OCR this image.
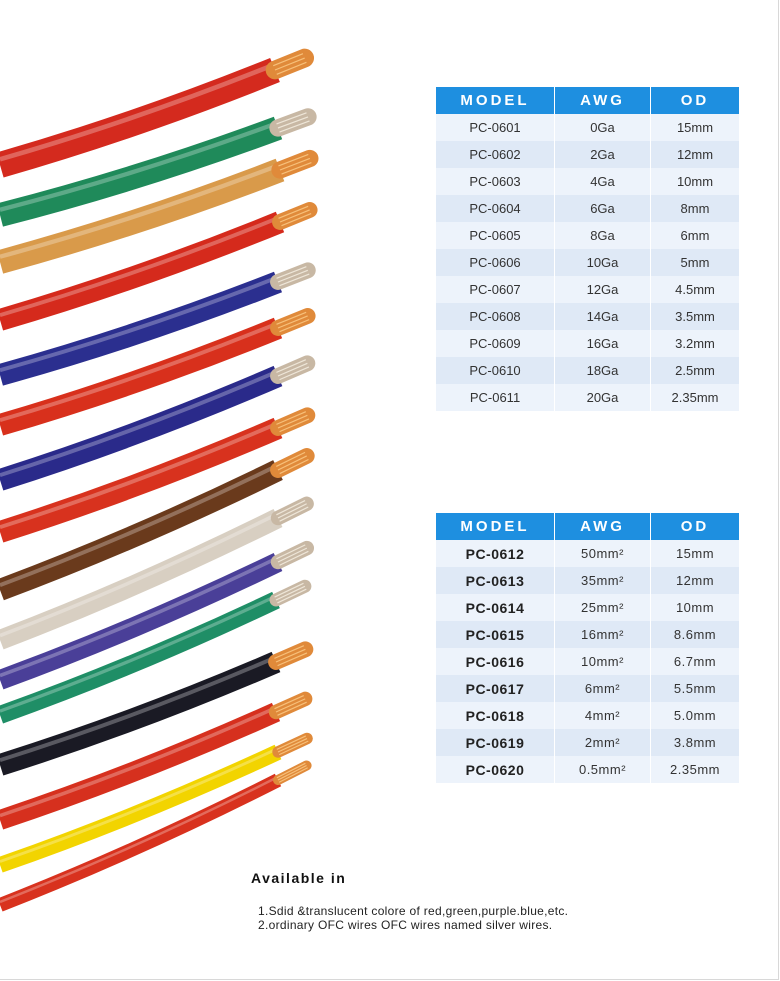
MODEL	AWG	OD
PC-0601	0Ga	15mm
PC-0602	2Ga	12mm
PC-0603	4Ga	10mm
PC-0604	6Ga	8mm
PC-0605	8Ga	6mm
PC-0606	10Ga	5mm
PC-0607	12Ga	4.5mm
PC-0608	14Ga	3.5mm
PC-0609	16Ga	3.2mm
PC-0610	18Ga	2.5mm
PC-0611	20Ga	2.35mm
MODEL	AWG	OD
PC-0612	50mm²	15mm
PC-0613	35mm²	12mm
PC-0614	25mm²	10mm
PC-0615	16mm²	8.6mm
PC-0616	10mm²	6.7mm
PC-0617	6mm²	5.5mm
PC-0618	4mm²	5.0mm
PC-0619	2mm²	3.8mm
PC-0620	0.5mm²	2.35mm
Available in
1.Sdid &translucent colore of red,green,purple.blue,etc.
2.ordinary OFC wires OFC wires named silver wires.
